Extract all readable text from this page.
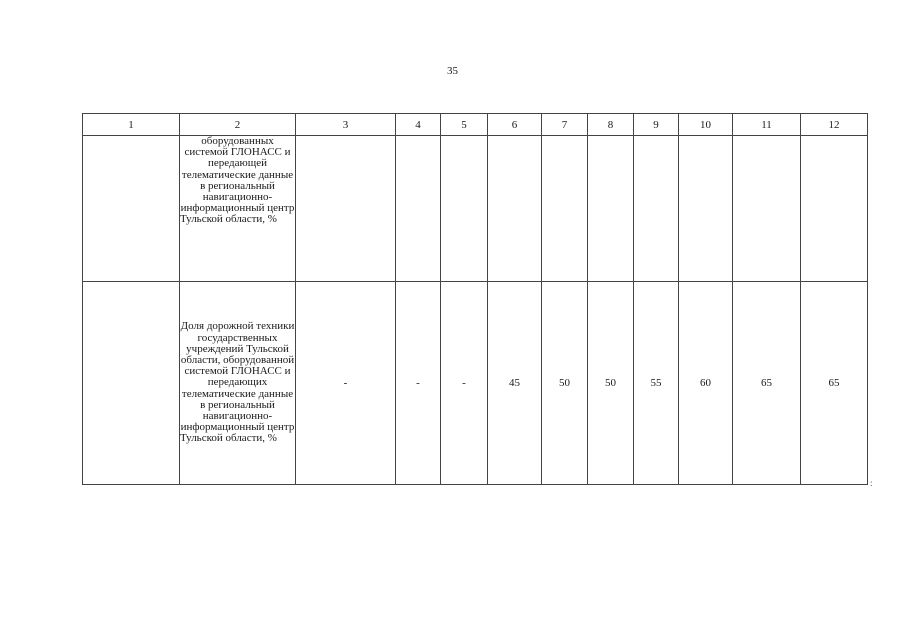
35
1	2	3	4	5	6	7	8	9	10	11	12

	оборудованных системой ГЛОНАСС и передающей телематические данные в региональный навигационно-информационный центр Тульской области, %										

	Доля дорожной техники государственных учреждений Тульской области, оборудованной системой ГЛОНАСС и передающих телематические данные в региональный навигационно-информационный центр Тульской области, %	-	-	-	45	50	50	55	60	65	65
:
